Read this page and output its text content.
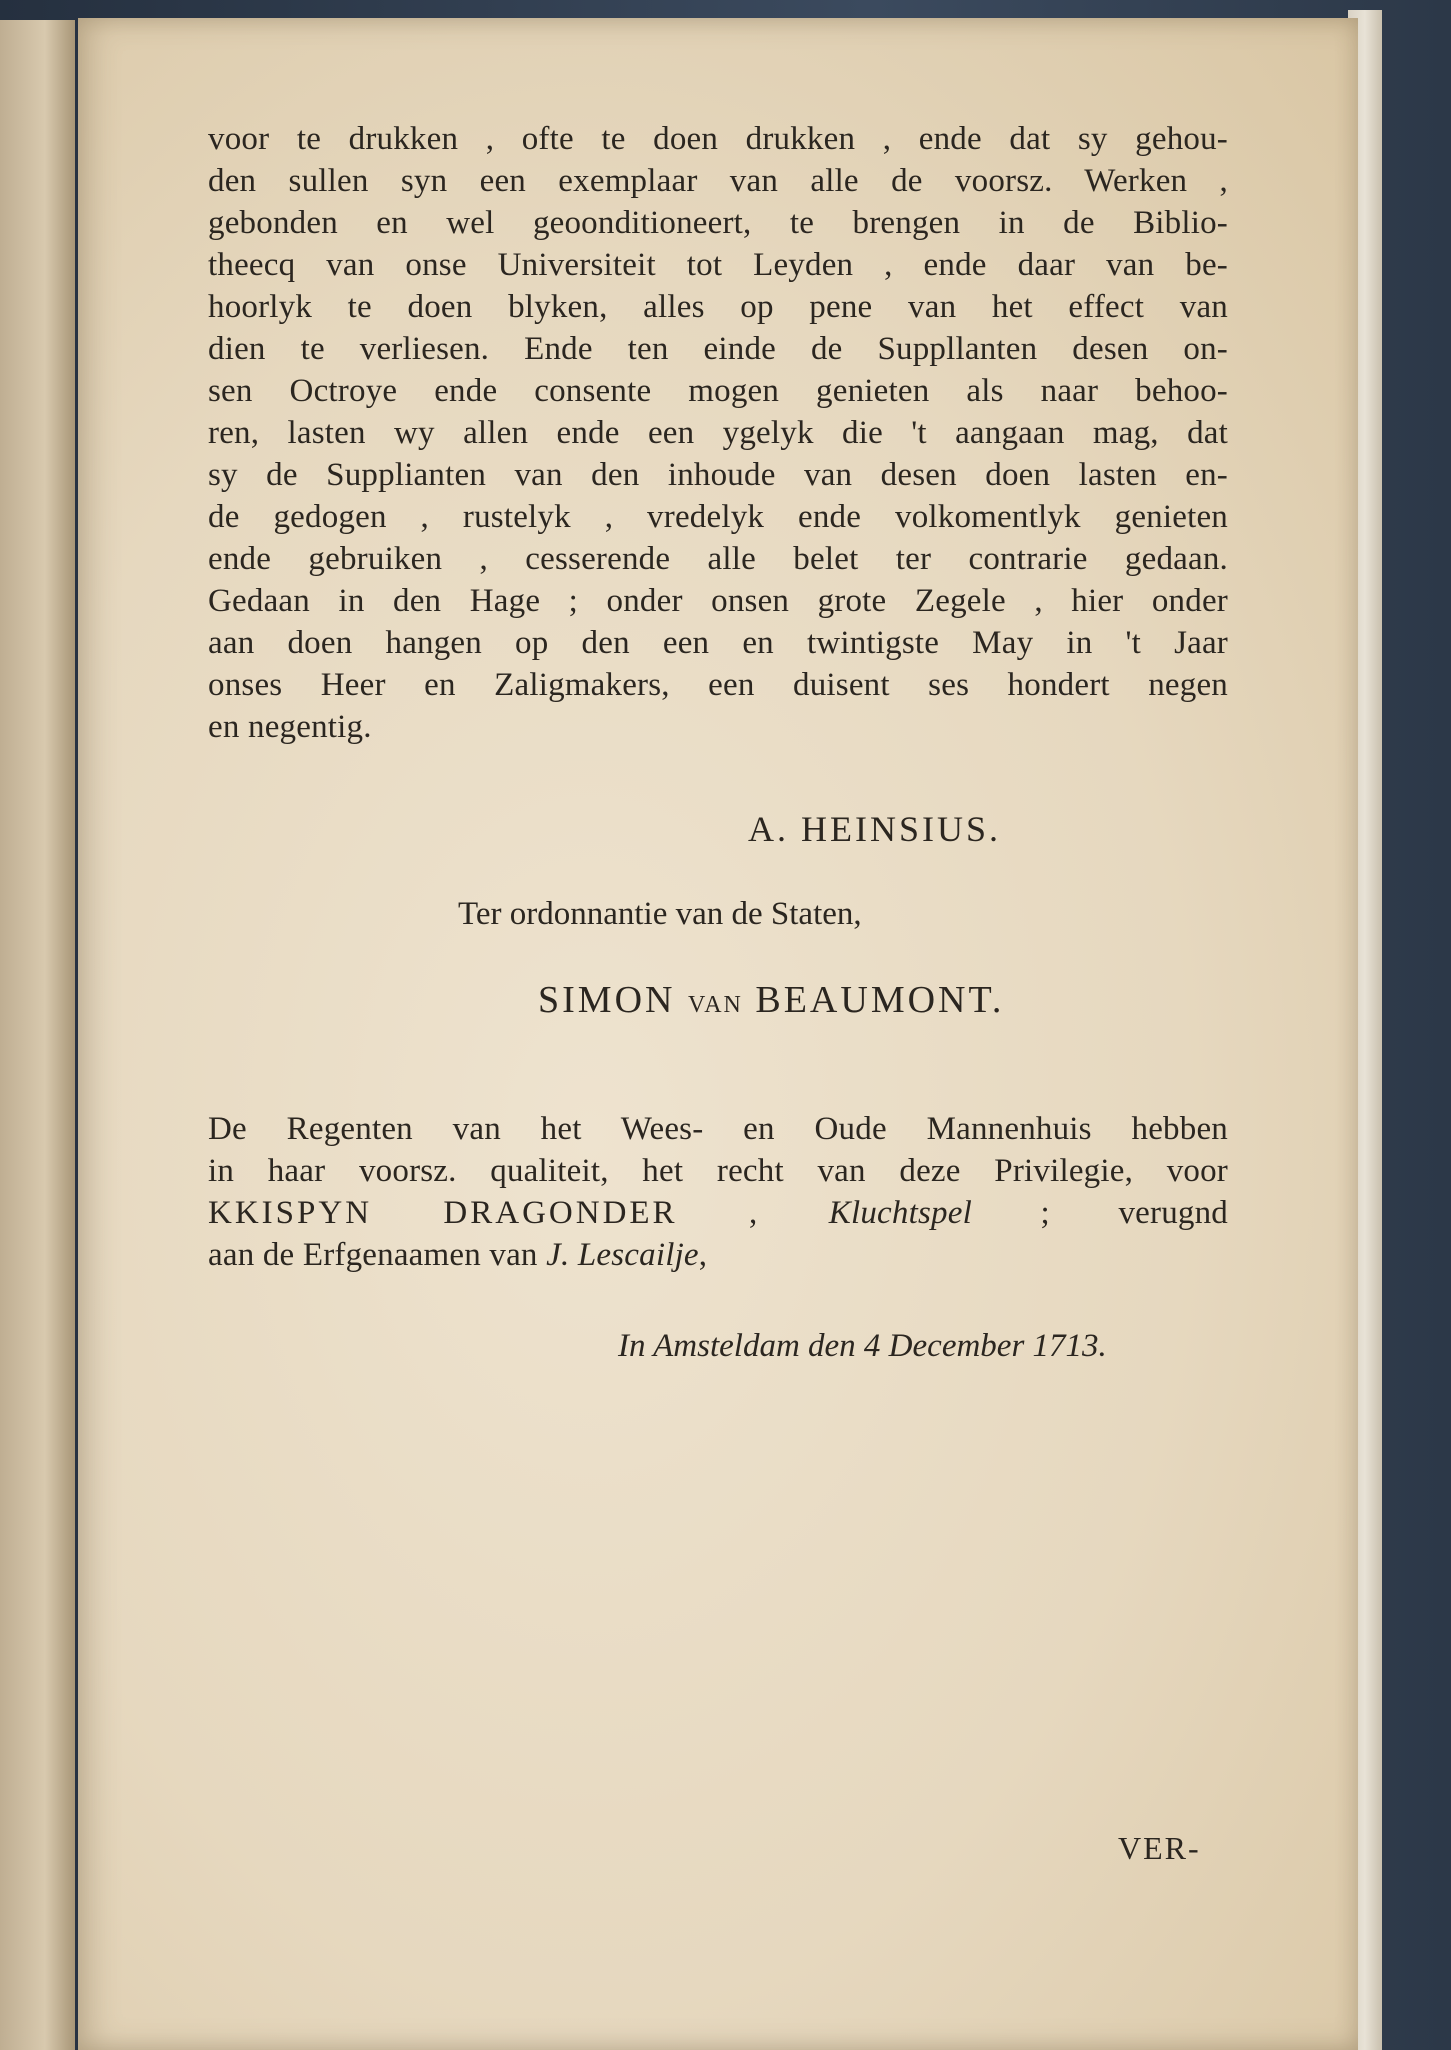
voor te drukken , ofte te doen drukken , ende dat sy gehou-
den sullen syn een exemplaar van alle de voorsz. Werken ,
gebonden en wel geoonditioneert, te brengen in de Biblio-
theecq van onse Universiteit tot Leyden , ende daar van be-
hoorlyk te doen blyken, alles op pene van het effect van
dien te verliesen. Ende ten einde de Suppllanten desen on-
sen Octroye ende consente mogen genieten als naar behoo-
ren, lasten wy allen ende een ygelyk die 't aangaan mag, dat
sy de Supplianten van den inhoude van desen doen lasten en-
de gedogen , rustelyk , vredelyk ende volkomentlyk genieten
ende gebruiken , cesserende alle belet ter contrarie gedaan.
Gedaan in den Hage ; onder onsen grote Zegele , hier onder
aan doen hangen op den een en twintigste May in 't Jaar
onses Heer en Zaligmakers, een duisent ses hondert negen
en negentig.
A. HEINSIUS.
Ter ordonnantie van de Staten,
SIMON VAN BEAUMONT.
De Regenten van het Wees- en Oude Mannenhuis hebben
in haar voorsz. qualiteit, het recht van deze Privilegie, voor
KKISPYN DRAGONDER , Kluchtspel ; verugnd
aan de Erfgenaamen van J. Lescailje,
In Amsteldam den 4 December 1713.
VER-
